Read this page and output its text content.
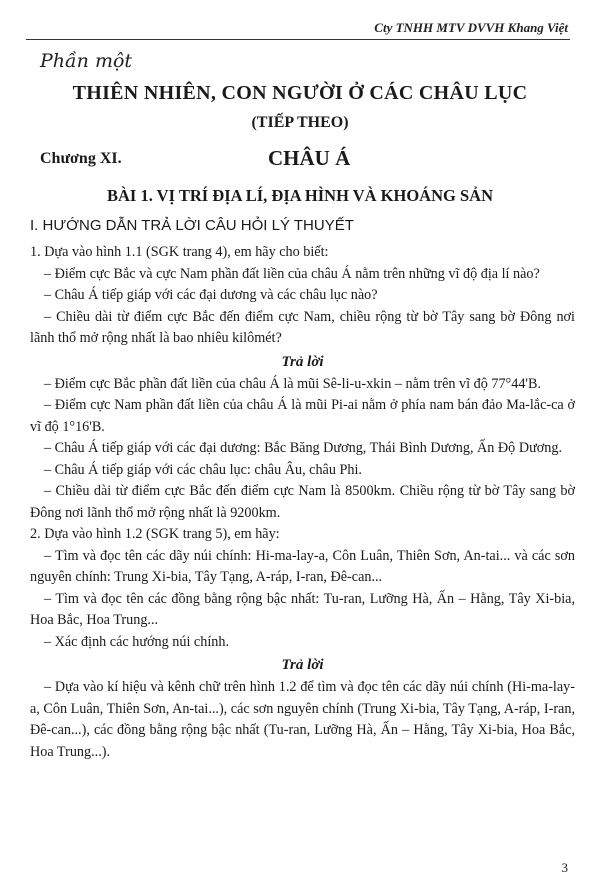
Cty TNHH MTV DVVH Khang Việt
Phần một
THIÊN NHIÊN, CON NGƯỜI Ở CÁC CHÂU LỤC
(TIẾP THEO)
Chương XI.	CHÂU Á
BÀI 1. VỊ TRÍ ĐỊA LÍ, ĐỊA HÌNH VÀ KHOÁNG SẢN
I. HƯỚNG DẪN TRẢ LỜI CÂU HỎI LÝ THUYẾT

1. Dựa vào hình 1.1 (SGK trang 4), em hãy cho biết:

– Điểm cực Bắc và cực Nam phần đất liền của châu Á nằm trên những vĩ độ địa lí nào?

– Châu Á tiếp giáp với các đại dương và các châu lục nào?

– Chiều dài từ điểm cực Bắc đến điểm cực Nam, chiều rộng từ bờ Tây sang bờ Đông nơi lãnh thổ mở rộng nhất là bao nhiêu kilômét?

Trả lời

– Điểm cực Bắc phần đất liền của châu Á là mũi Sê-li-u-xkin – nằm trên vĩ độ 77°44'B.

– Điểm cực Nam phần đất liền của châu Á là mũi Pi-ai nằm ở phía nam bán đảo Ma-lắc-ca ở vĩ độ 1°16'B.

– Châu Á tiếp giáp với các đại dương: Bắc Băng Dương, Thái Bình Dương, Ấn Độ Dương.

– Châu Á tiếp giáp với các châu lục: châu Âu, châu Phi.

– Chiều dài từ điểm cực Bắc đến điểm cực Nam là 8500km. Chiều rộng từ bờ Tây sang bờ Đông nơi lãnh thổ mở rộng nhất là 9200km.

2. Dựa vào hình 1.2 (SGK trang 5), em hãy:

– Tìm và đọc tên các dãy núi chính: Hi-ma-lay-a, Côn Luân, Thiên Sơn, An-tai... và các sơn nguyên chính: Trung Xi-bia, Tây Tạng, A-ráp, I-ran, Đê-can...

– Tìm và đọc tên các đồng bằng rộng bậc nhất: Tu-ran, Lưỡng Hà, Ấn – Hằng, Tây Xi-bia, Hoa Bắc, Hoa Trung...

– Xác định các hướng núi chính.

Trả lời

– Dựa vào kí hiệu và kênh chữ trên hình 1.2 để tìm và đọc tên các dãy núi chính (Hi-ma-lay-a, Côn Luân, Thiên Sơn, An-tai...), các sơn nguyên chính (Trung Xi-bia, Tây Tạng, A-ráp, I-ran, Đê-can...), các đồng bằng rộng bậc nhất (Tu-ran, Lưỡng Hà, Ấn – Hằng, Tây Xi-bia, Hoa Bắc, Hoa Trung...).

3
